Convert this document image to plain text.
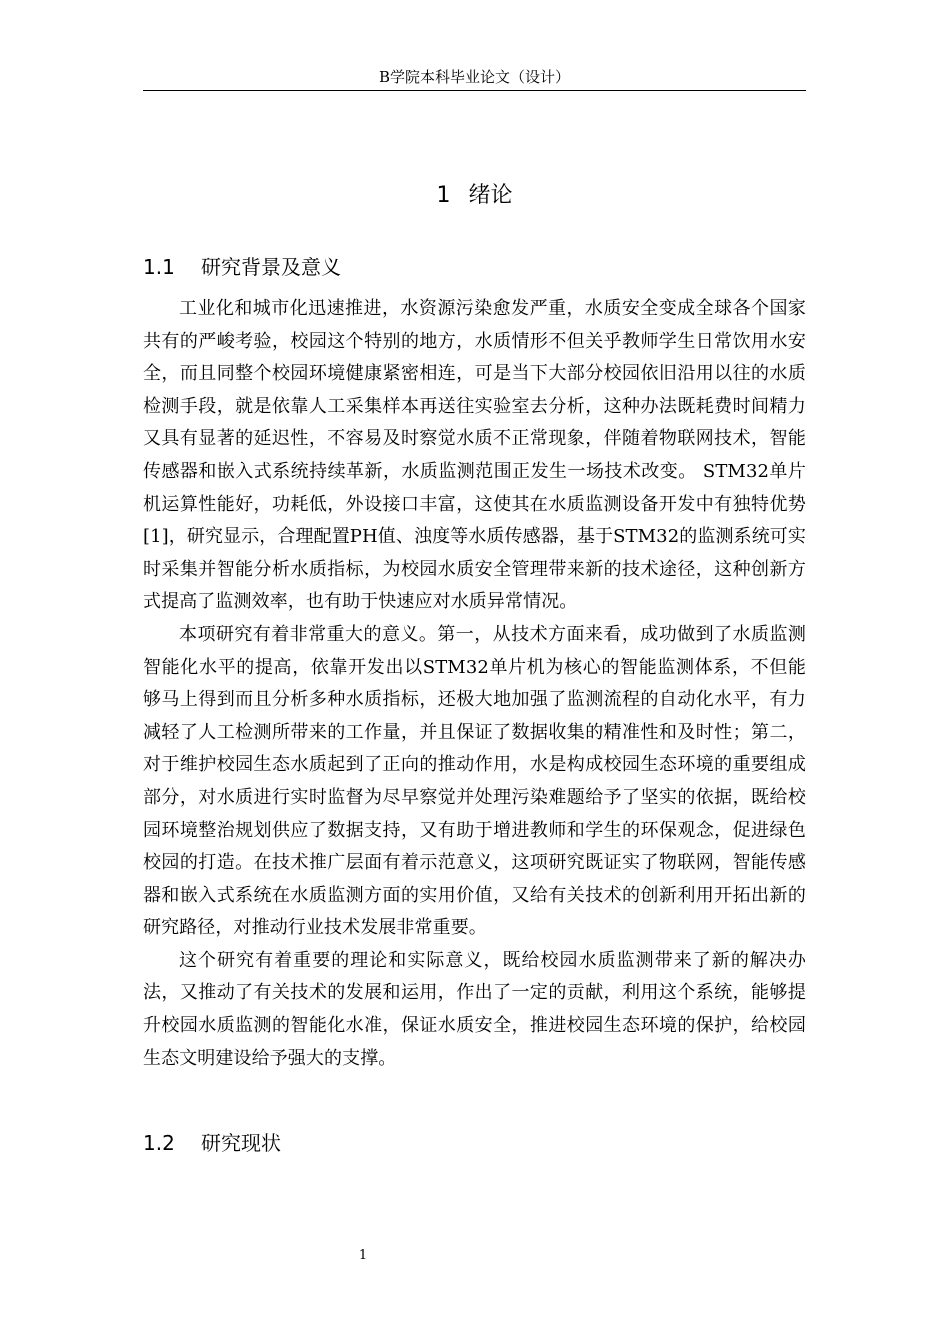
B学院本科毕业论文（设计）
1 绪论
1.1 研究背景及意义

工业化和城市化迅速推进，水资源污染愈发严重，水质安全变成全球各个国家共有的严峻考验，校园这个特别的地方，水质情形不但关乎教师学生日常饮用水安全，而且同整个校园环境健康紧密相连，可是当下大部分校园依旧沿用以往的水质检测手段，就是依靠人工采集样本再送往实验室去分析，这种办法既耗费时间精力又具有显著的延迟性，不容易及时察觉水质不正常现象，伴随着物联网技术，智能传感器和嵌入式系统持续革新，水质监测范围正发生一场技术改变。 STM32单片机运算性能好，功耗低，外设接口丰富，这使其在水质监测设备开发中有独特优势[1]，研究显示，合理配置PH值、浊度等水质传感器，基于STM32的监测系统可实时采集并智能分析水质指标，为校园水质安全管理带来新的技术途径，这种创新方式提高了监测效率，也有助于快速应对水质异常情况。

本项研究有着非常重大的意义。第一，从技术方面来看，成功做到了水质监测智能化水平的提高，依靠开发出以STM32单片机为核心的智能监测体系，不但能够马上得到而且分析多种水质指标，还极大地加强了监测流程的自动化水平，有力减轻了人工检测所带来的工作量，并且保证了数据收集的精准性和及时性；第二，对于维护校园生态水质起到了正向的推动作用，水是构成校园生态环境的重要组成部分，对水质进行实时监督为尽早察觉并处理污染难题给予了坚实的依据，既给校园环境整治规划供应了数据支持，又有助于增进教师和学生的环保观念，促进绿色校园的打造。在技术推广层面有着示范意义，这项研究既证实了物联网，智能传感器和嵌入式系统在水质监测方面的实用价值，又给有关技术的创新利用开拓出新的研究路径，对推动行业技术发展非常重要。

这个研究有着重要的理论和实际意义，既给校园水质监测带来了新的解决办法，又推动了有关技术的发展和运用，作出了一定的贡献，利用这个系统，能够提升校园水质监测的智能化水准，保证水质安全，推进校园生态环境的保护，给校园生态文明建设给予强大的支撑。

1.2 研究现状
1
